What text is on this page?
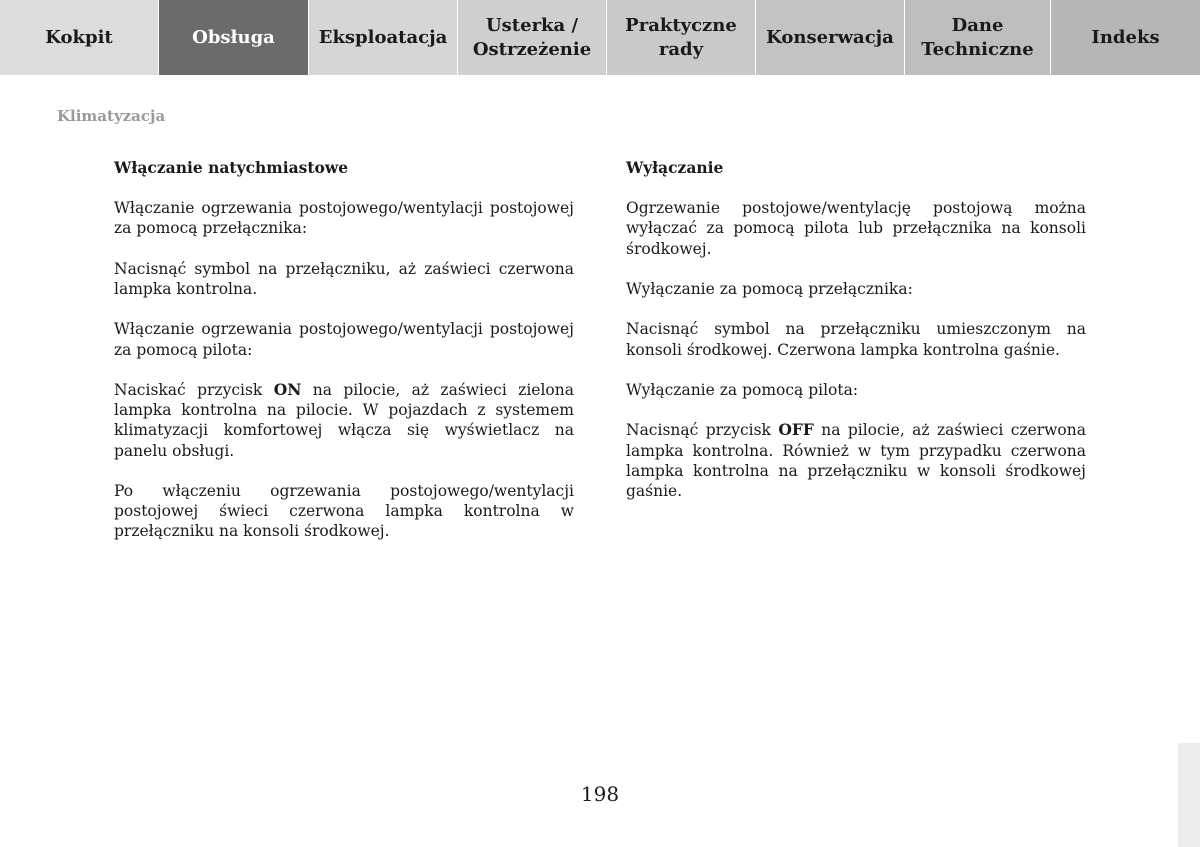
Kokpit	Obsługa Eksploatacja
Usterka /
Ostrzeżenie
Praktyczne
rady
Konserwacja
Dane
Techniczne
Indeks
Klimatyzacja
Włączanie natychmiastowe

Włączanie ogrzewania postojowego/wentylacji postojowej za pomocą przełącznika:

Nacisnąć symbol na przełączniku, aż zaświeci czerwona lampka kontrolna.

Włączanie ogrzewania postojowego/wentylacji postojowej za pomocą pilota:

Naciskać przycisk ON na pilocie, aż zaświeci zielona lampka kontrolna na pilocie. W pojazdach z systemem klimatyzacji komfortowej włącza się wyświetlacz na panelu obsługi.

Po włączeniu ogrzewania postojowego/wentylacji postojowej świeci czerwona lampka kontrolna w przełączniku na konsoli środkowej.

Wyłączanie

Ogrzewanie postojowe/wentylację postojową można wyłączać za pomocą pilota lub przełącznika na konsoli środkowej.

Wyłączanie za pomocą przełącznika:

Nacisnąć symbol na przełączniku umieszczonym na konsoli środkowej. Czerwona lampka kontrolna gaśnie.

Wyłączanie za pomocą pilota:

Nacisnąć przycisk OFF na pilocie, aż zaświeci czerwona lampka kontrolna. Również w tym przypadku czerwona lampka kontrolna na przełączniku w konsoli środkowej gaśnie.

198
